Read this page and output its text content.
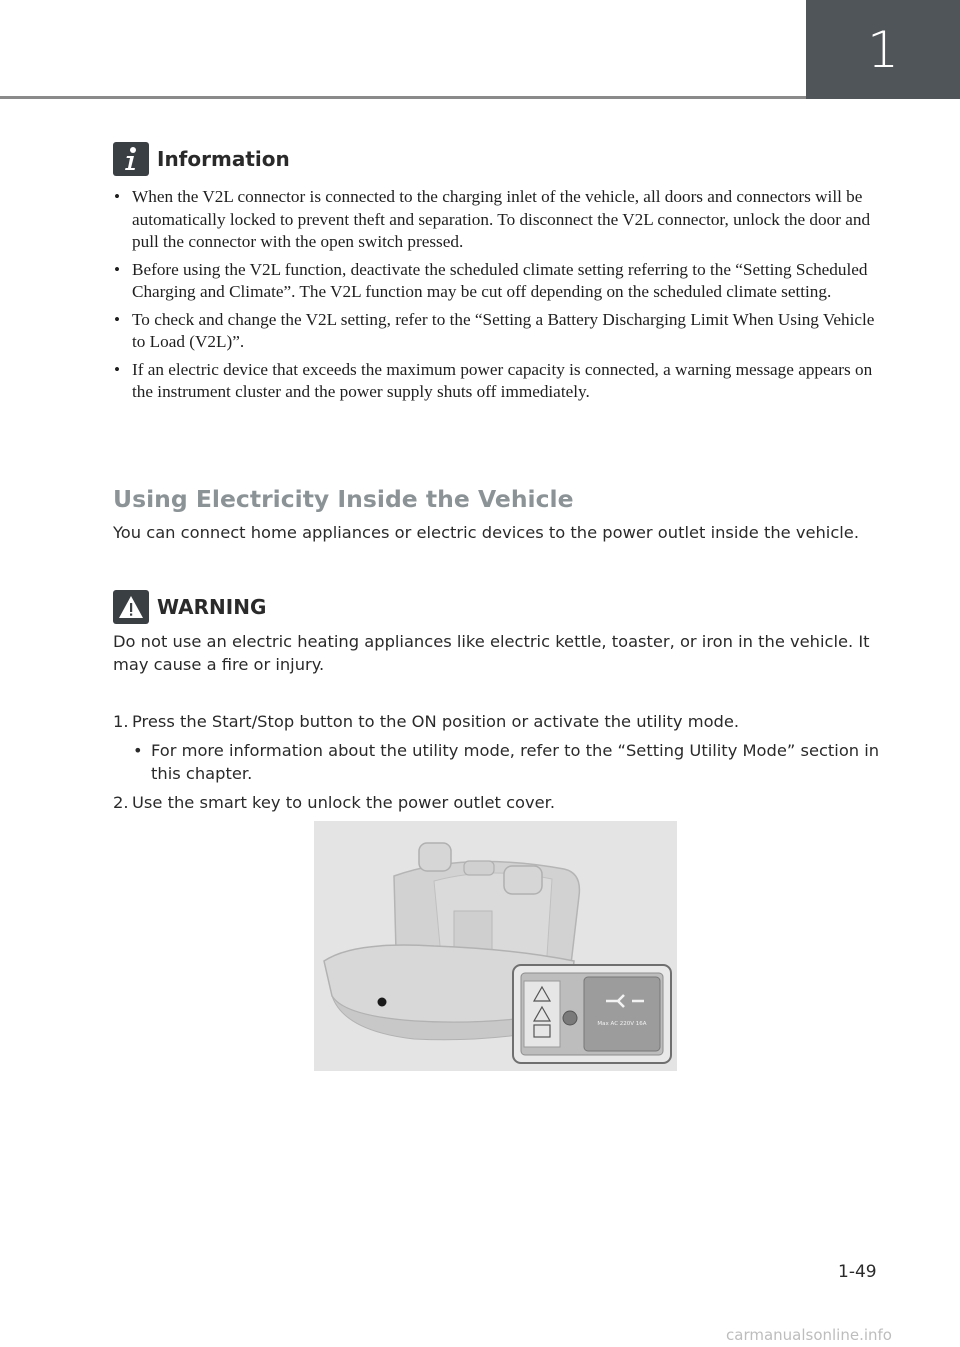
1
Information
• When the V2L connector is connected to the charging inlet of the vehicle, all doors and connectors will be automatically locked to prevent theft and separation. To disconnect the V2L connector, unlock the door and pull the connector with the open switch pressed.
• Before using the V2L function, deactivate the scheduled climate setting referring to the “Setting Scheduled Charging and Climate”. The V2L function may be cut off depending on the scheduled climate setting.
• To check and change the V2L setting, refer to the “Setting a Battery Discharging Limit When Using Vehicle to Load (V2L)”.
• If an electric device that exceeds the maximum power capacity is connected, a warning message appears on the instrument cluster and the power supply shuts off immediately.
Using Electricity Inside the Vehicle
You can connect home appliances or electric devices to the power outlet inside the vehicle.
WARNING
Do not use an electric heating appliances like electric kettle, toaster, or iron in the vehicle. It may cause a fire or injury.
1. Press the Start/Stop button to the ON position or activate the utility mode.
• For more information about the utility mode, refer to the “Setting Utility Mode” section in this chapter.
2. Use the smart key to unlock the power outlet cover.
Max AC 220V 16A
1-49
carmanualsonline.info
